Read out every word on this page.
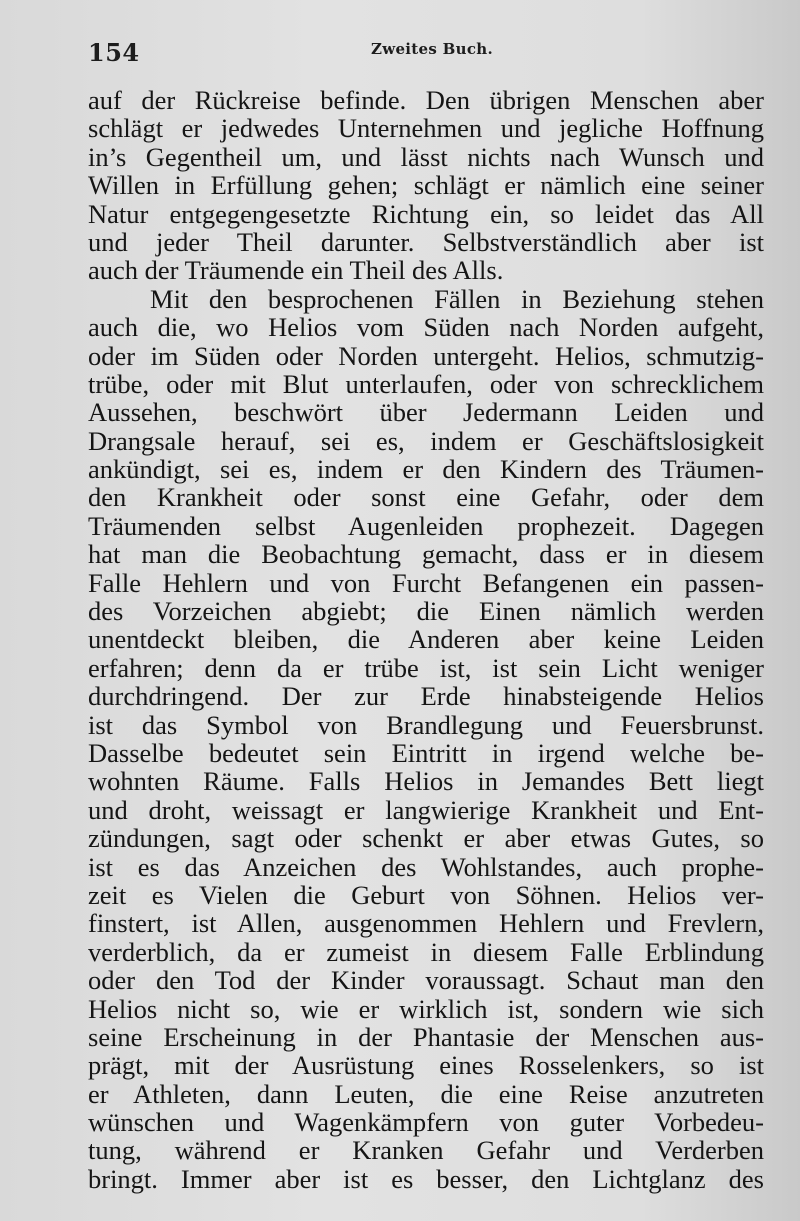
154	Zweites Buch.
auf der Rückreise befinde. Den übrigen Menschen aber
schlägt er jedwedes Unternehmen und jegliche Hoffnung
in’s Gegentheil um, und lässt nichts nach Wunsch und
Willen in Erfüllung gehen; schlägt er nämlich eine seiner
Natur entgegengesetzte Richtung ein, so leidet das All
und jeder Theil darunter. Selbstverständlich aber ist
auch der Träumende ein Theil des Alls.
Mit den besprochenen Fällen in Beziehung stehen
auch die, wo Helios vom Süden nach Norden aufgeht,
oder im Süden oder Norden untergeht. Helios, schmutzig-
trübe, oder mit Blut unterlaufen, oder von schrecklichem
Aussehen, beschwört über Jedermann Leiden und
Drangsale herauf, sei es, indem er Geschäftslosigkeit
ankündigt, sei es, indem er den Kindern des Träumen-
den Krankheit oder sonst eine Gefahr, oder dem
Träumenden selbst Augenleiden prophezeit. Dagegen
hat man die Beobachtung gemacht, dass er in diesem
Falle Hehlern und von Furcht Befangenen ein passen-
des Vorzeichen abgiebt; die Einen nämlich werden
unentdeckt bleiben, die Anderen aber keine Leiden
erfahren; denn da er trübe ist, ist sein Licht weniger
durchdringend. Der zur Erde hinabsteigende Helios
ist das Symbol von Brandlegung und Feuersbrunst.
Dasselbe bedeutet sein Eintritt in irgend welche be-
wohnten Räume. Falls Helios in Jemandes Bett liegt
und droht, weissagt er langwierige Krankheit und Ent-
zündungen, sagt oder schenkt er aber etwas Gutes, so
ist es das Anzeichen des Wohlstandes, auch prophe-
zeit es Vielen die Geburt von Söhnen. Helios ver-
finstert, ist Allen, ausgenommen Hehlern und Frevlern,
verderblich, da er zumeist in diesem Falle Erblindung
oder den Tod der Kinder voraussagt. Schaut man den
Helios nicht so, wie er wirklich ist, sondern wie sich
seine Erscheinung in der Phantasie der Menschen aus-
prägt, mit der Ausrüstung eines Rosselenkers, so ist
er Athleten, dann Leuten, die eine Reise anzutreten
wünschen und Wagenkämpfern von guter Vorbedeu-
tung, während er Kranken Gefahr und Verderben
bringt. Immer aber ist es besser, den Lichtglanz des
